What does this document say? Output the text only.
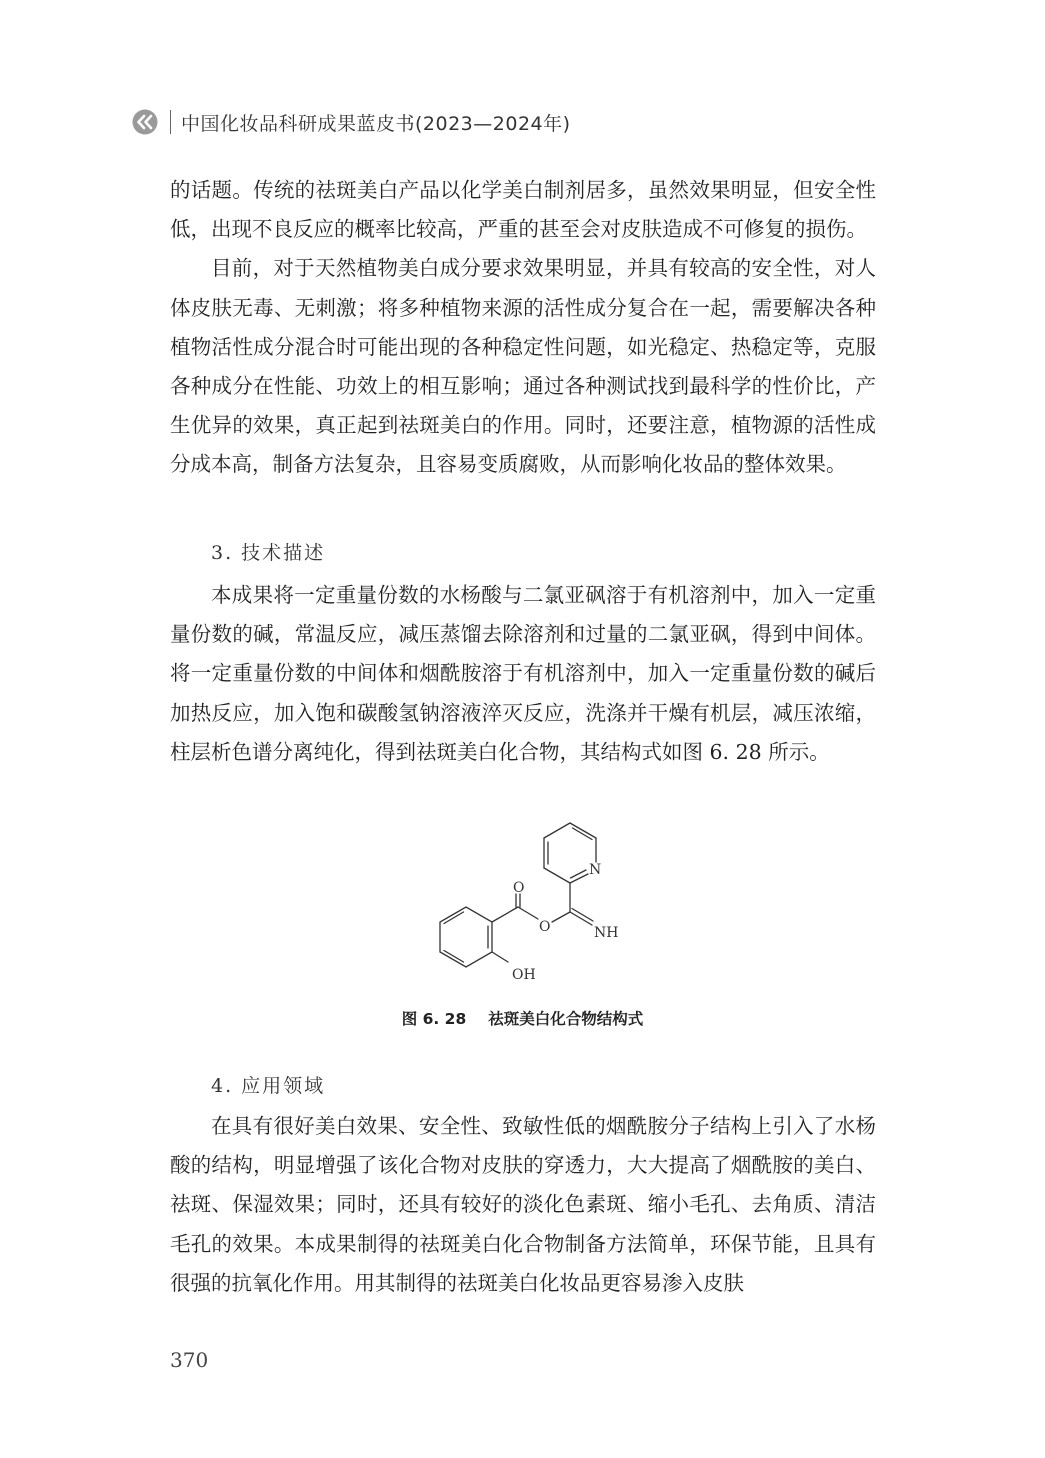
中国化妆品科研成果蓝皮书(2023—2024年)

的话题。传统的祛斑美白产品以化学美白制剂居多，虽然效果明显，但安全性低，出现不良反应的概率比较高，严重的甚至会对皮肤造成不可修复的损伤。

目前，对于天然植物美白成分要求效果明显，并具有较高的安全性，对人体皮肤无毒、无刺激；将多种植物来源的活性成分复合在一起，需要解决各种植物活性成分混合时可能出现的各种稳定性问题，如光稳定、热稳定等，克服各种成分在性能、功效上的相互影响；通过各种测试找到最科学的性价比，产生优异的效果，真正起到祛斑美白的作用。同时，还要注意，植物源的活性成分成本高，制备方法复杂，且容易变质腐败，从而影响化妆品的整体效果。

3. 技术描述

本成果将一定重量份数的水杨酸与二氯亚砜溶于有机溶剂中，加入一定重量份数的碱，常温反应，减压蒸馏去除溶剂和过量的二氯亚砜，得到中间体。将一定重量份数的中间体和烟酰胺溶于有机溶剂中，加入一定重量份数的碱后加热反应，加入饱和碳酸氢钠溶液淬灭反应，洗涤并干燥有机层，减压浓缩，柱层析色谱分离纯化，得到祛斑美白化合物，其结构式如图 6. 28 所示。

O
O
N
NH
OH
图 6. 28 祛斑美白化合物结构式
4. 应用领域

在具有很好美白效果、安全性、致敏性低的烟酰胺分子结构上引入了水杨酸的结构，明显增强了该化合物对皮肤的穿透力，大大提高了烟酰胺的美白、祛斑、保湿效果；同时，还具有较好的淡化色素斑、缩小毛孔、去角质、清洁毛孔的效果。本成果制得的祛斑美白化合物制备方法简单，环保节能，且具有很强的抗氧化作用。用其制得的祛斑美白化妆品更容易渗入皮肤

370
